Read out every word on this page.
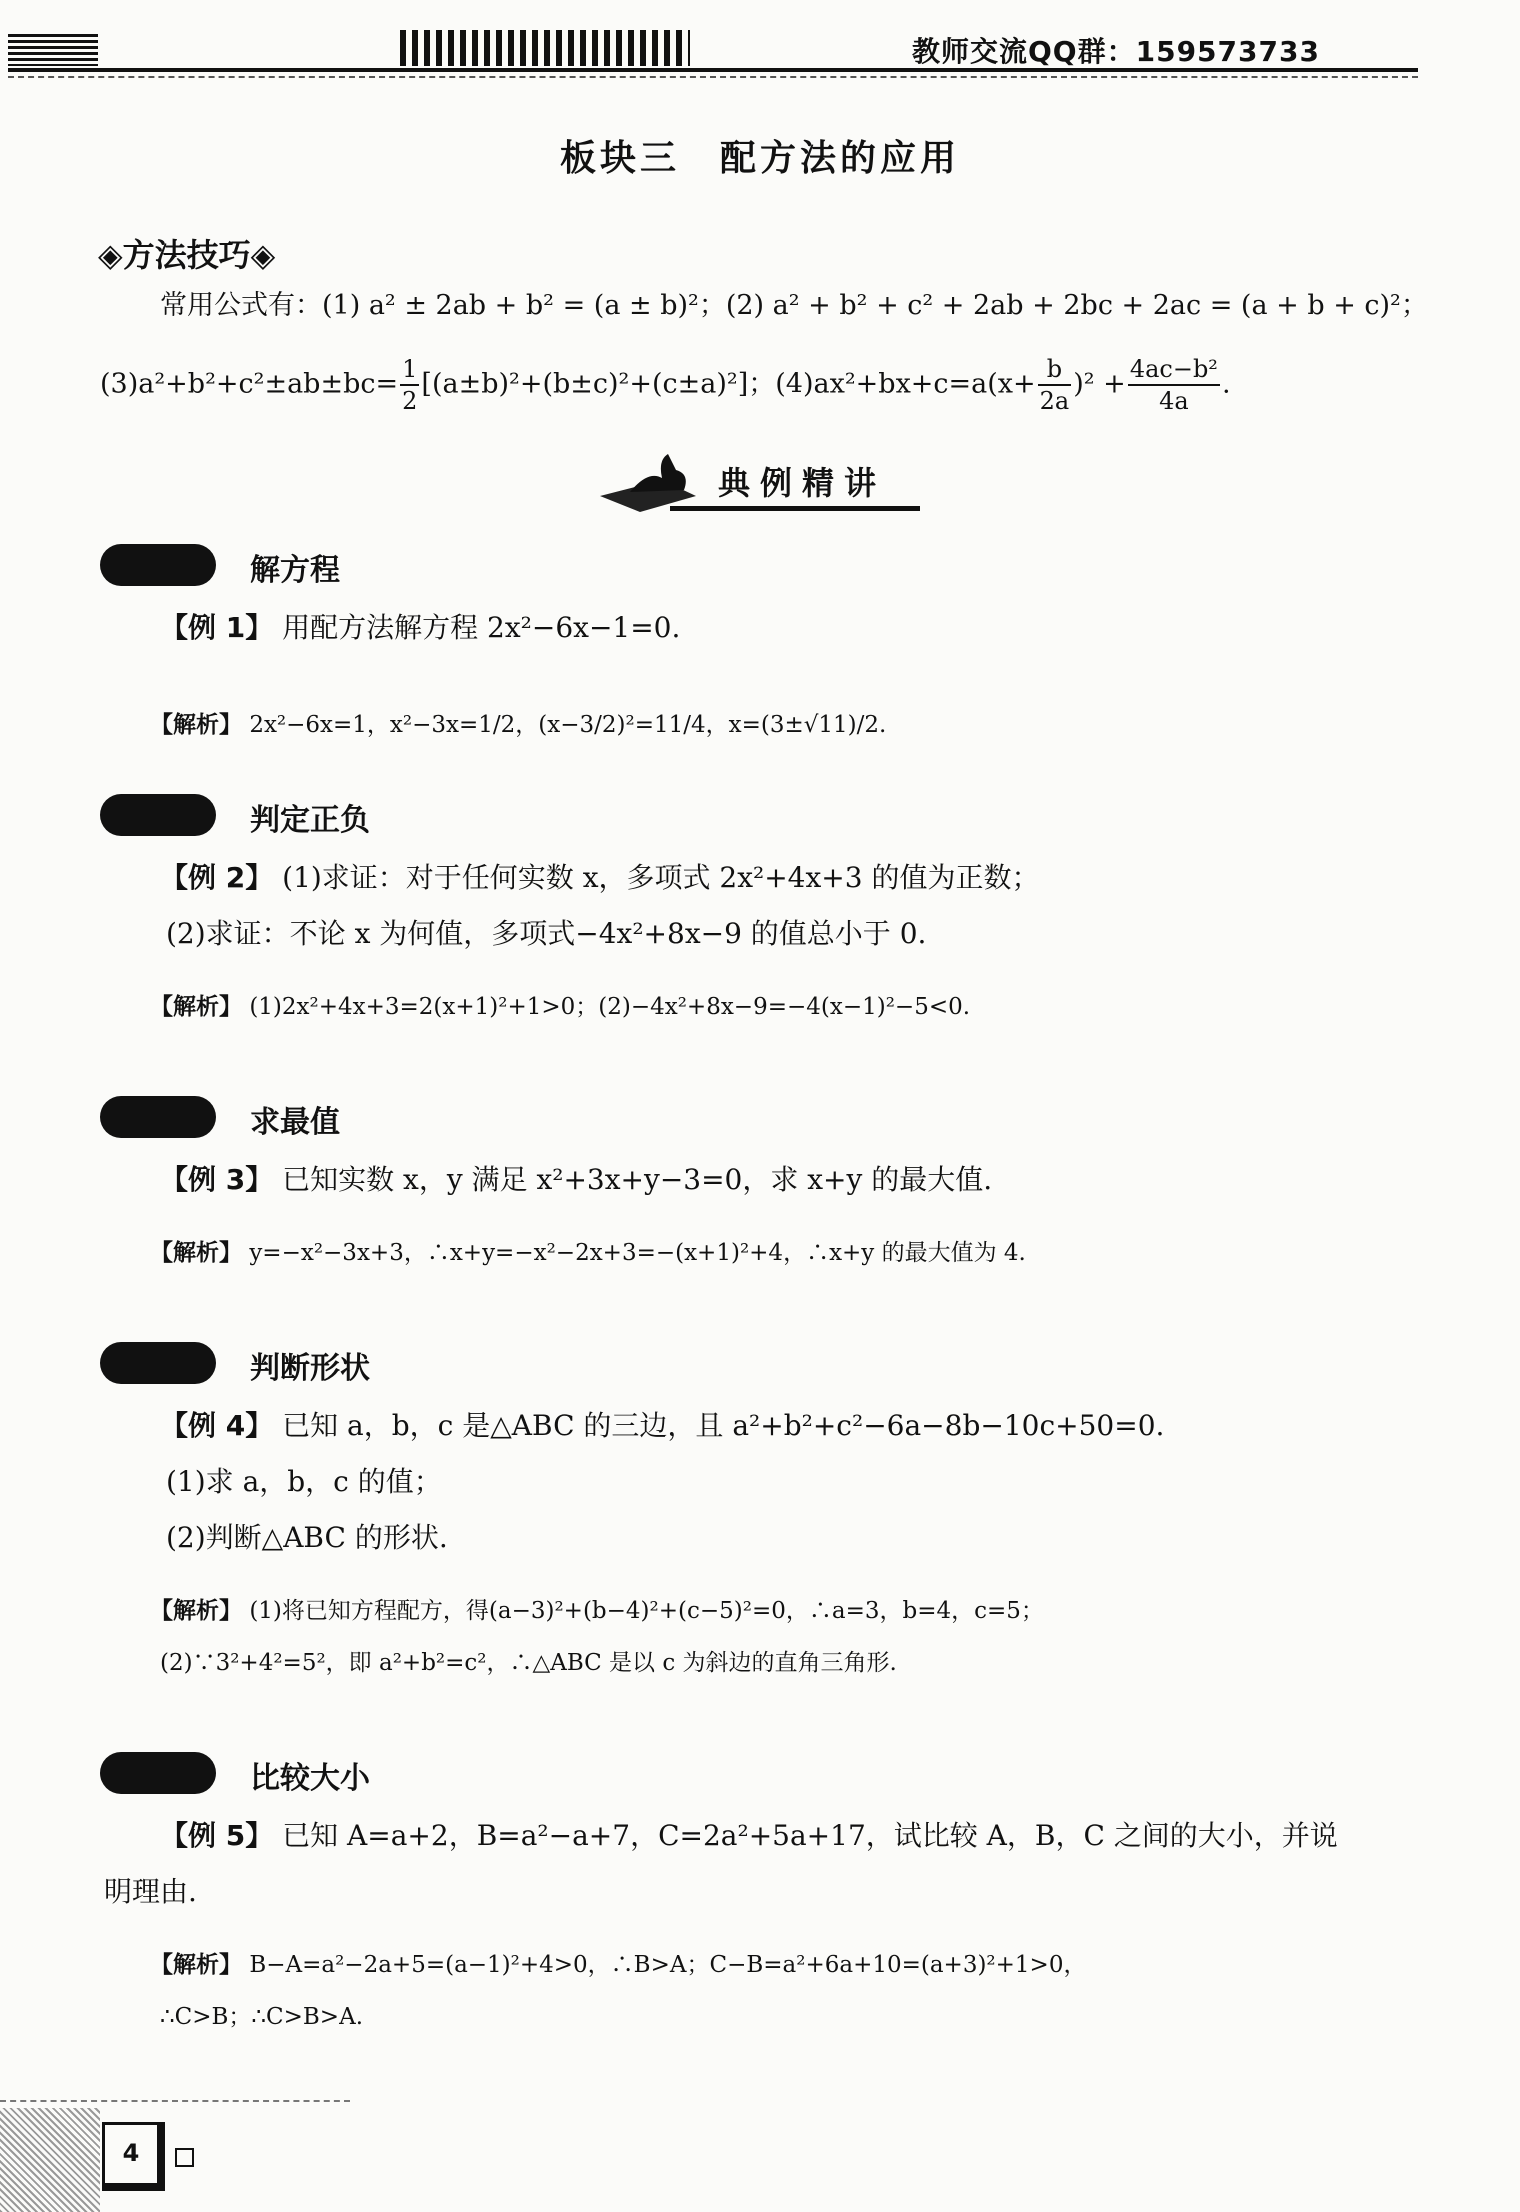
教师交流QQ群：159573733
板块三　配方法的应用
◈方法技巧◈
常用公式有：(1) a² ± 2ab + b² = (a ± b)²；(2) a² + b² + c² + 2ab + 2bc + 2ac = (a + b + c)²；
$(3)a^2+b^2+c^2\pm ab\pm bc= \frac{1}{2} [(a\pm b)^2+(b\pm c)^2+(c\pm a)^2]$；$(4)ax^2+bx+c=a(x+ \frac{b}{2a} )^2 + \frac{\text{4ac−b²}}{4a}$ .
典例精讲
解方程
【例 1】 用配方法解方程 2x²−6x−1=0.
【解析】 2x²−6x=1，x²−3x=1/2，(x−3/2)²=11/4，x=(3±√11)/2.
判定正负
【例 2】 (1)求证：对于任何实数 x，多项式 2x²+4x+3 的值为正数；
(2)求证：不论 x 为何值，多项式−4x²+8x−9 的值总小于 0.
【解析】 (1)2x²+4x+3=2(x+1)²+1>0；(2)−4x²+8x−9=−4(x−1)²−5<0.
求最值
【例 3】 已知实数 x，y 满足 x²+3x+y−3=0，求 x+y 的最大值.
【解析】 y=−x²−3x+3，∴x+y=−x²−2x+3=−(x+1)²+4，∴x+y 的最大值为 4.
判断形状
【例 4】 已知 a，b，c 是△ABC 的三边，且 a²+b²+c²−6a−8b−10c+50=0.
(1)求 a，b，c 的值；
(2)判断△ABC 的形状.
【解析】 (1)将已知方程配方，得(a−3)²+(b−4)²+(c−5)²=0，∴a=3，b=4，c=5；
(2)∵3²+4²=5²，即 a²+b²=c²，∴△ABC 是以 c 为斜边的直角三角形.
比较大小
【例 5】 已知 A=a+2，B=a²−a+7，C=2a²+5a+17，试比较 A，B，C 之间的大小，并说
明理由.
【解析】 B−A=a²−2a+5=(a−1)²+4>0，∴B>A；C−B=a²+6a+10=(a+3)²+1>0，
∴C>B；∴C>B>A.
4
